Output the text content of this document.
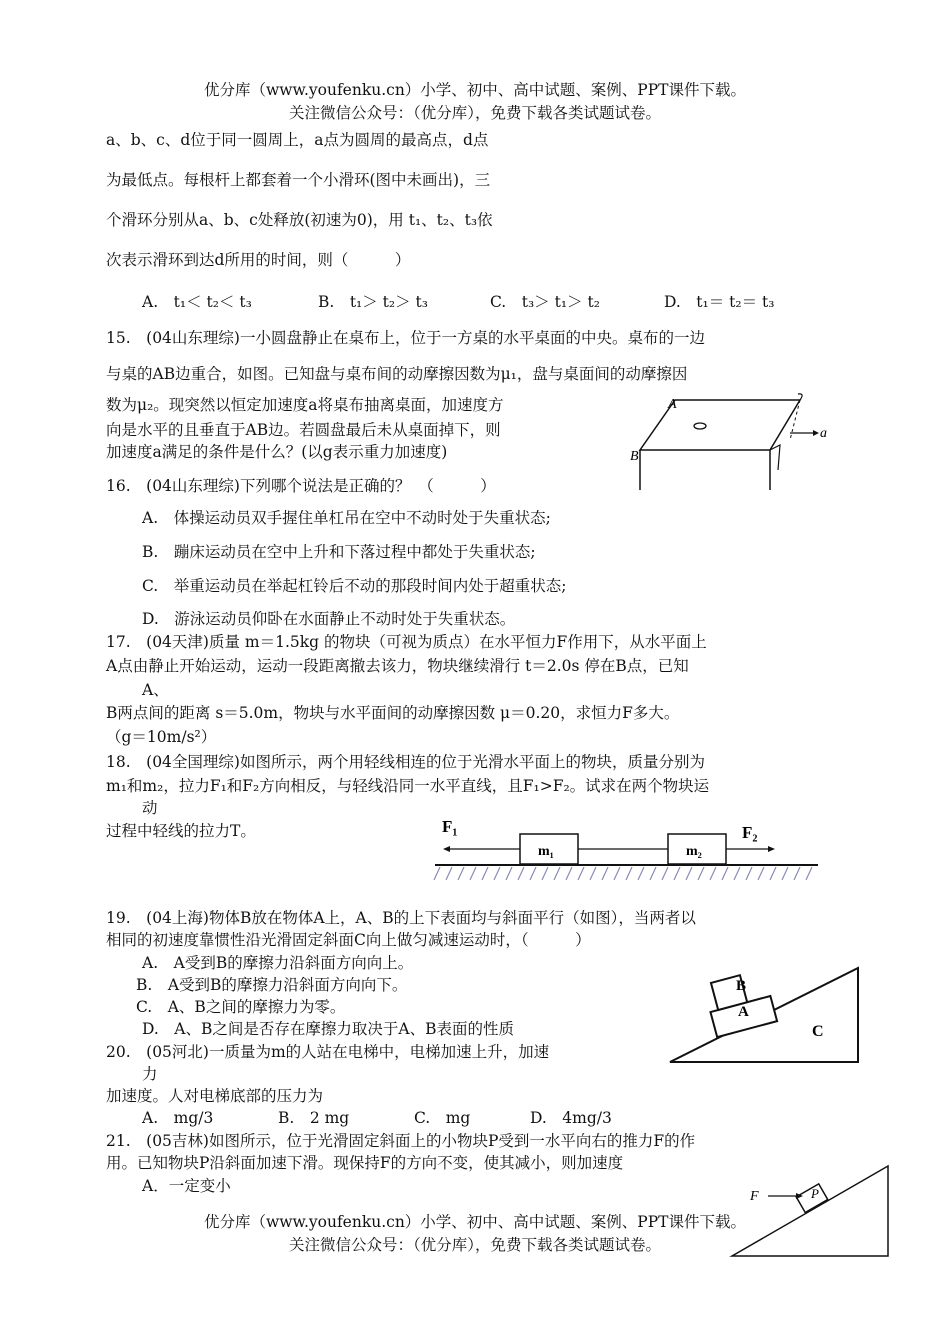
优分库（www.youfenku.cn）小学、初中、高中试题、案例、PPT课件下载。
关注微信公众号：（优分库），免费下载各类试题试卷。
a、b、c、d位于同一圆周上，a点为圆周的最高点，d点
为最低点。每根杆上都套着一个小滑环(图中未画出)，三
个滑环分别从a、b、c处释放(初速为0)，用 t₁、t₂、t₃依
次表示滑环到达d所用的时间，则（　　　）
A.　t₁＜ t₂＜ t₃	B.　t₁＞ t₂＞ t₃	C.　t₃＞ t₁＞ t₂	D.　t₁＝ t₂＝ t₃
15.　(04山东理综)一小圆盘静止在桌布上，位于一方桌的水平桌面的中央。桌布的一边
与桌的AB边重合，如图。已知盘与桌布间的动摩擦因数为μ₁，盘与桌面间的动摩擦因
数为μ₂。现突然以恒定加速度a将桌布抽离桌面，加速度方
向是水平的且垂直于AB边。若圆盘最后未从桌面掉下，则
加速度a满足的条件是什么？(以g表示重力加速度)
A
B
a
16.　(04山东理综)下列哪个说法是正确的？　（　　　）
A.　体操运动员双手握住单杠吊在空中不动时处于失重状态;
B.　蹦床运动员在空中上升和下落过程中都处于失重状态;
C.　举重运动员在举起杠铃后不动的那段时间内处于超重状态;
D.　游泳运动员仰卧在水面静止不动时处于失重状态。
17.　(04天津)质量 m＝1.5kg 的物块（可视为质点）在水平恒力F作用下，从水平面上
A点由静止开始运动，运动一段距离撤去该力，物块继续滑行 t＝2.0s 停在B点，已知
A、
B两点间的距离 s＝5.0m，物块与水平面间的动摩擦因数 μ＝0.20，求恒力F多大。
（g＝10m/s²）
18.　(04全国理综)如图所示，两个用轻线相连的位于光滑水平面上的物块，质量分别为
m₁和m₂，拉力F₁和F₂方向相反，与轻线沿同一水平直线，且F₁>F₂。试求在两个物块运
动
过程中轻线的拉力T。	F₁	F₂
m₁	m₂
19.　(04上海)物体B放在物体A上，A、B的上下表面均与斜面平行（如图），当两者以
相同的初速度靠惯性沿光滑固定斜面C向上做匀减速运动时，（　　　）
A.　A受到B的摩擦力沿斜面方向向上。
B.　A受到B的摩擦力沿斜面方向向下。
C.　A、B之间的摩擦力为零。
D.　A、B之间是否存在摩擦力取决于A、B表面的性质
A
B
C
20.　(05河北)一质量为m的人站在电梯中，电梯加速上升，加速
力
加速度。人对电梯底部的压力为
A.　mg/3	B.　2 mg	C.　mg	D.　4mg/3
21.　(05吉林)如图所示，位于光滑固定斜面上的小物块P受到一水平向右的推力F的作
用。已知物块P沿斜面加速下滑。现保持F的方向不变，使其减小，则加速度
A．一定变小
F	P
优分库（www.youfenku.cn）小学、初中、高中试题、案例、PPT课件下载。
关注微信公众号：（优分库），免费下载各类试题试卷。
